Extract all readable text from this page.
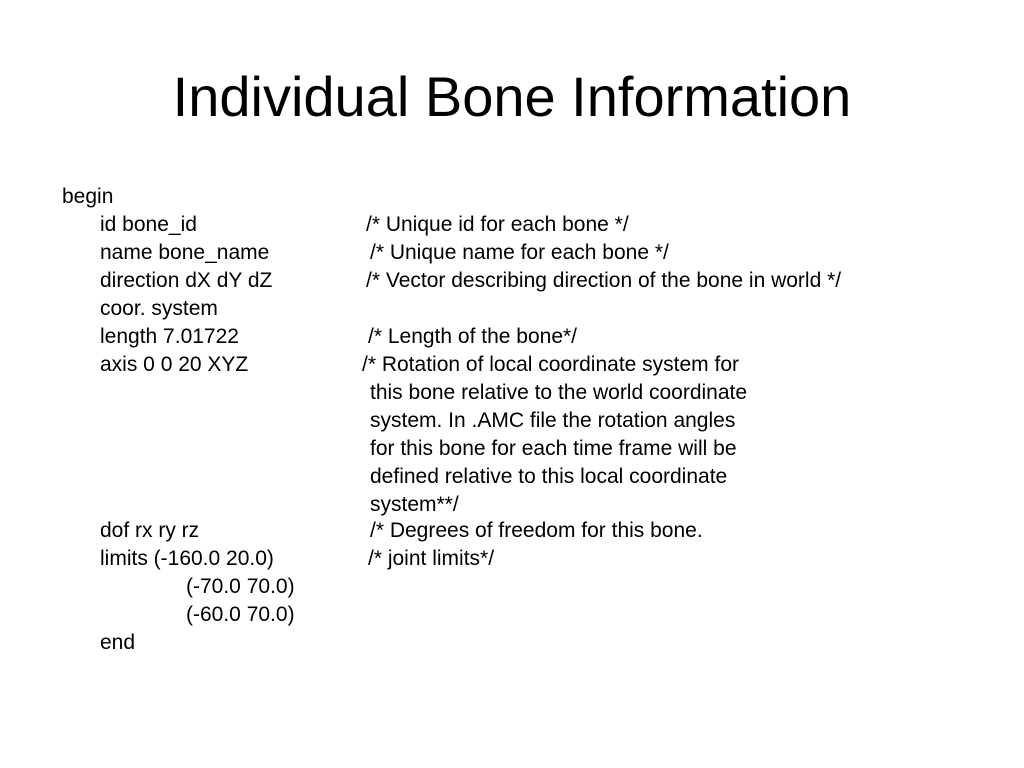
Individual Bone Information
begin
id bone_id	/* Unique id for each bone */
name bone_name	/* Unique name for each bone */
direction dX dY dZ	/* Vector describing direction of the bone in world */
coor. system
length 7.01722	/* Length of the bone*/
axis 0 0 20 XYZ	/* Rotation of local coordinate system for
this bone relative to the world coordinate
system. In .AMC file the rotation angles
for this bone for each time frame will be
defined relative to this local coordinate
system**/
dof rx ry rz	/* Degrees of freedom for this bone.
limits (-160.0 20.0)	/* joint limits*/
(-70.0 70.0)
(-60.0 70.0)
end
